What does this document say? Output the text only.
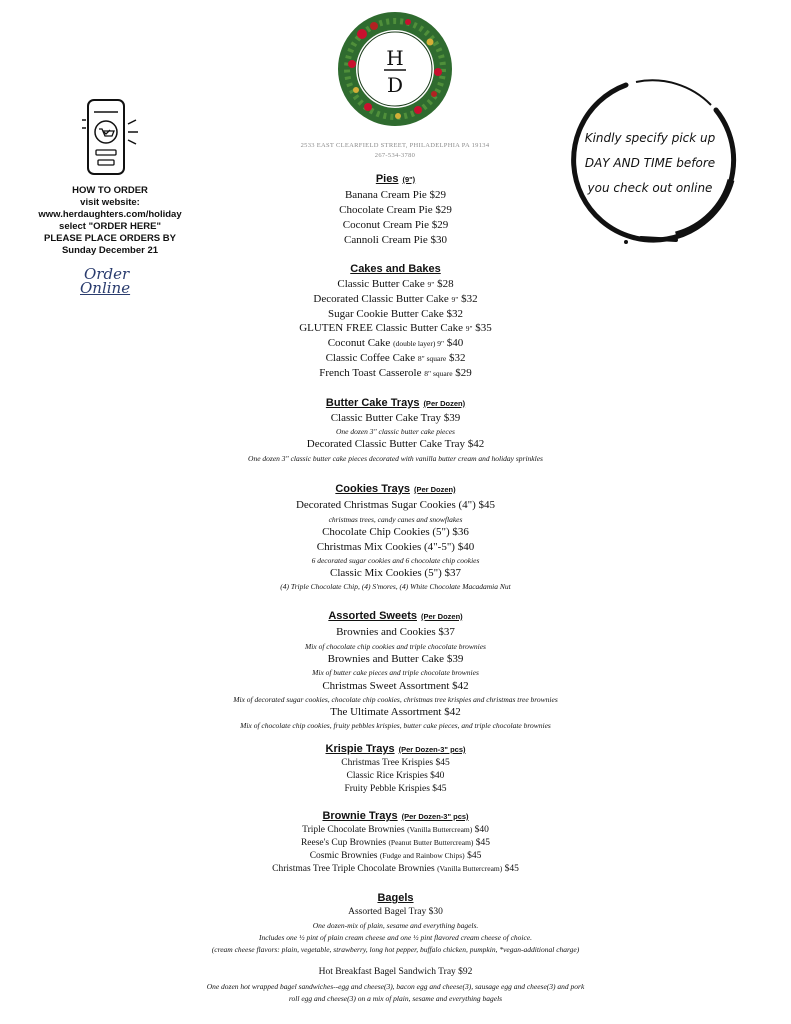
H
D
2533 EAST CLEARFIELD STREET, PHILADELPHIA PA 19134
267-534-3780
HOW TO ORDER
visit website:
www.herdaughters.com/holiday
select "ORDER HERE"
PLEASE PLACE ORDERS BY
Sunday December 21
Order
Online
Kindly specify pick up
DAY AND TIME before
you check out online
Pies (9")
Banana Cream Pie $29
Chocolate Cream Pie $29
Coconut Cream Pie $29
Cannoli Cream Pie $30
Cakes and Bakes
Classic Butter Cake 9" $28
Decorated Classic Butter Cake 9" $32
Sugar Cookie Butter Cake $32
GLUTEN FREE Classic Butter Cake 9" $35
Coconut Cake (double layer) 9" $40
Classic Coffee Cake 8" square $32
French Toast Casserole 8" square $29
Butter Cake Trays (Per Dozen)
Classic Butter Cake Tray $39
One dozen 3" classic butter cake pieces
Decorated Classic Butter Cake Tray $42
One dozen 3" classic butter cake pieces decorated with vanilla butter cream and holiday sprinkles
Cookies Trays (Per Dozen)
Decorated Christmas Sugar Cookies (4") $45
christmas trees, candy canes and snowflakes
Chocolate Chip Cookies (5") $36
Christmas Mix Cookies (4"-5") $40
6 decorated sugar cookies and 6 chocolate chip cookies
Classic Mix Cookies (5") $37
(4) Triple Chocolate Chip, (4) S'mores, (4) White Chocolate Macadamia Nut
Assorted Sweets (Per Dozen)
Brownies and Cookies $37
Mix of chocolate chip cookies and triple chocolate brownies
Brownies and Butter Cake $39
Mix of butter cake pieces and triple chocolate brownies
Christmas Sweet Assortment $42
Mix of decorated sugar cookies, chocolate chip cookies, christmas tree krispies and christmas tree brownies
The Ultimate Assortment $42
Mix of chocolate chip cookies, fruity pebbles krispies, butter cake pieces, and triple chocolate brownies
Krispie Trays (Per Dozen-3" pcs)
Christmas Tree Krispies $45
Classic Rice Krispies $40
Fruity Pebble Krispies $45
Brownie Trays (Per Dozen-3" pcs)
Triple Chocolate Brownies (Vanilla Buttercream) $40
Reese's Cup Brownies (Peanut Butter Buttercream) $45
Cosmic Brownies (Fudge and Rainbow Chips) $45
Christmas Tree Triple Chocolate Brownies (Vanilla Buttercream) $45
Bagels
Assorted Bagel Tray $30
One dozen-mix of plain, sesame and everything bagels.
Includes one ½ pint of plain cream cheese and one ½ pint flavored cream cheese of choice.
(cream cheese flavors: plain, vegetable, strawberry, long hot pepper, buffalo chicken, pumpkin, *vegan-additional charge)
Hot Breakfast Bagel Sandwich Tray $92
One dozen hot wrapped bagel sandwiches--egg and cheese(3), bacon egg and cheese(3), sausage egg and cheese(3) and pork
roll egg and cheese(3) on a mix of plain, sesame and everything bagels
